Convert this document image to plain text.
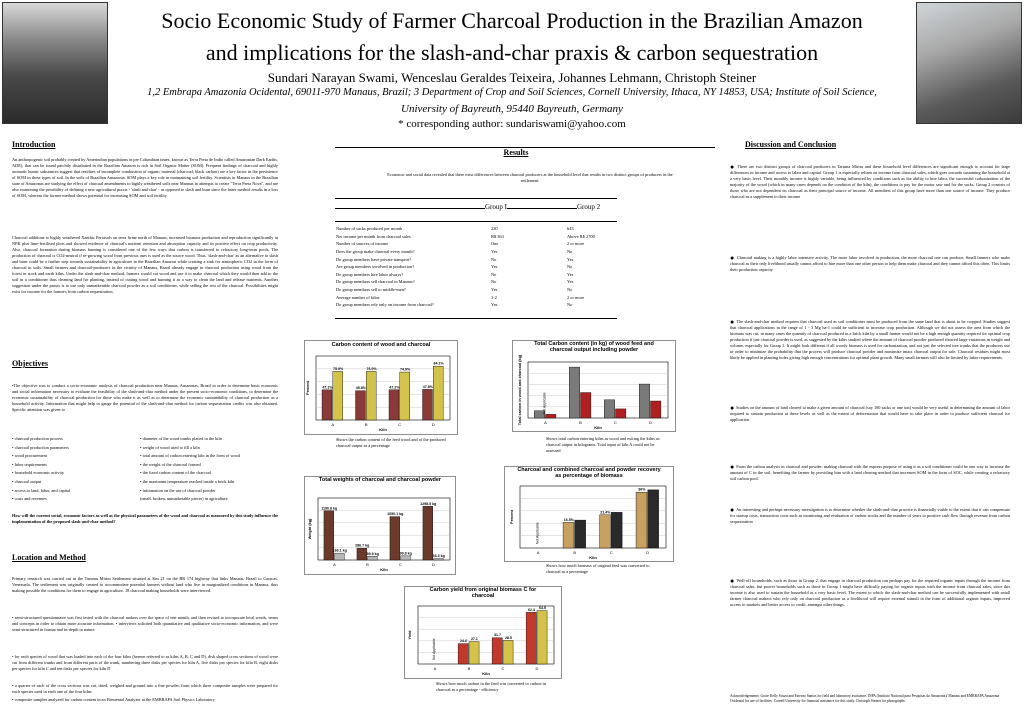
Socio Economic Study of Farmer Charcoal Production in the Brazilian Amazon
and implications for the slash-and-char praxis & carbon sequestration
Sundari Narayan Swami, Wenceslau Geraldes Teixeira, Johannes Lehmann, Christoph Steiner
1,2 Embrapa Amazonia Ocidental, 69011-970 Manaus, Brazil; 3 Department of Crop and Soil Sciences, Cornell University, Ithaca, NY 14853, USA; Institute of Soil Science,
University of Bayreuth, 95440 Bayreuth, Germany
* corresponding author: sundariswami@yahoo.com
Introduction
An anthropogenic soil probably created by Amerindian populations in pre Columbian times, known as Terra Preta de Indio called Amazonian Dark Earths, ADE), that can be found patchily distributed in the Brazilian Amazon is rich in Soil Organic Matter (SOM). Frequent findings of charcoal and highly aromatic humic substances suggest that residues of incomplete combustion of organic material (charcoal; black carbon) are a key factor in the persistence of SOM in these types of soil. In the soils of Brazilian Amazonia, SOM plays a key role in maintaining soil fertility. Scientists in Manaus in the Brazilian state of Amazonas are studying the effect of charcoal amendments to highly weathered soils near Manaus in attempts to create "Terra Preta Nova", and are also examining the possibility of defining a new agricultural praxis - 'slash and char' - as opposed to slash and burn since the latter method results in a loss of SOM, whereas the former method shows potential for increasing SOM and soil fertility.
Charcoal additions to highly weathered Xanthic Ferrasols on terra firme north of Manaus, increased biomass production and reproduction significantly in NPK plus lime-fertilised plots and showed evidence of charcoal's nutrient retention and absorption capacity and its positive effect on crop productivity. Also, charcoal formation during biomass burning is considered one of the few ways that carbon is transferred to refractory long-term pools. The production of charcoal is CO2-neutral if re-growing wood from previous uses is used as the source wood. Thus, 'slash-and-char' as an alternative to slash and burn could be a further step towards sustainability in agriculture in the Brazilian Amazon while creating a sink for atmospheric CO2 in the form of charcoal in soils. Small farmers and charcoal-producers in the vicinity of Manaus, Brazil already engage in charcoal production using wood from the forest in stock and earth kilns. Under the slash-and-char method, farmers would cut wood and use it to make charcoal which they would then add to the soil as a conditioner thus cleaning land for planting, instead of cutting wood and burning it as a way to clean the land and release nutrients. Another suggestion under the praxis is to use only unmarketable charcoal powder as a soil conditioner, while selling the rest of the charcoal. Possibilities might exist for income for the farmers from carbon sequestration.
Objectives
•The objective was to conduct a socio-economic analysis of charcoal production near Manaus, Amazonas, Brazil in order to determine basic economic and social information necessary to evaluate the feasibility of the slash-and-char method under the present socio-economic conditions, to determine the economic sustainability of charcoal production for those who make it as well as to determine the economic sustainability of charcoal production as a household activity. Information that might help to gauge the potential of the slash-and-char method for carbon sequestration credits was also obtained. Specific attention was given to
• charcoal production process
• charcoal production parameters
• wood procurement
• labor requirements
• household economic activity
• charcoal output
• access to land, labor, and capital
• costs and revenues
• diameter of the wood trunks placed in the kiln
• weight of wood used to fill a kiln
• total amount of carbon entering kiln in the form of wood
• the weight of the charcoal formed
• the fixed carbon content of the charcoal
• the maximum temperature reached inside a brick kiln
• information on the use of charcoal powder
(small, broken, unmarketable pieces) in agriculture
How will the current social, economic factors as well as the physical parameters of the wood and charcoal as measured by this study influence the implementation of the proposed slash-and-char method?
Location and Method
Primary research was carried out in the Tarumu Mirim Settlement situated at Km 21 on the BR 174 highway that links Manaus, Brazil to Caracas, Venezuela. The settlement was originally created to accommodate potential farmers without land who live in marginalized conditions in Manaus, thus making possible the conditions for them to engage in agriculture. 18 charcoal making households were interviewed.
• semi-structured questionnaire was first tested with the charcoal makers over the space of one month, and then revised to incorporate local words, terms and concepts in order to obtain more accurate information. • interviews solicited both quantitative and qualitative socio-economic information, and were semi-structured in format and in-depth in nature
• for each species of wood that was loaded into each of the four kilns (hereon referred to as kilns A, B, C and D), disk shaped cross sections of wood were cut from different trunks and from different parts of the trunk, numbering three disks per species for kiln A, five disks per species for kiln B, eight disks per species for kiln C and ten disks per species for kiln D
• a quarter of each of the cross sections was cut, dried, weighed and ground into a fine powder, from which three composite samples were prepared for each species used in each one of the four kilns
• composite samples analyzed for carbon content in an Elemental Analyzer at the EMBRAPA Soil Physics Laboratory
Results
Economic and social data revealed that there exist differences between charcoal producers at the household level that results in two distinct groups of producers in the settlement.
Group I	Group 2
Number of sacks produced per month	230	643
Net income per month from charcoal sales	R$ 363	Above R$ 2700
Number of sources of income	One	2 or more
Does the group make charcoal every month?	Yes	No
Do group members have private transport?	No	Yes
Are group members involved in production?	Yes	No
Do group members hire labor always?	No	Yes
Do group members sell charcoal in Manaus?	No	Yes
Do group members sell to middle-men?	Yes	No
Average number of kilns	1-2	2 or more
Do group members rely only on income from charcoal?	Yes	No
Carbon content of wood and charcoal
47.1%
75.9%
A
45.8%
76.0%
B
47.2%
74.9%
C
47.8%
84.1%
D
Kiln
Percent
Shows the carbon content of the feed wood and of the produced charcoal output as a percentage
Total Carbon content (in kg) of wood feed and charcoal output including powder
A	B	C	D
Not Applicable
Kiln
Total carbon in wood and charcoal (kg)
Shows total carbon entering kilns as wood and exiting the kilns as charcoal output in kilograms. Total input of kiln A could not be assessed
Total weights of charcoal and charcoal powder
1190.8 kg
166.1 kg
A
286.7 kg
89.9 kg
B
1050.1 kg
99.8 kg
C
1298.5 kg
33.3 kg
D
Kiln
Weight (kg)
Charcoal and combined charcoal and powder recovery as percentage of biomass
A
16.5%
B
21.4%
C
36%
D
Not Applicable
Kiln
Percent
Shows how much biomass of original feed was converted to charcoal as a percentage
Carbon yield from original biomass C for charcoal
A
24.6
27.1
B
31.7
28.5
C
62.3 64.5
D
Not Applicable
Kiln
Yield
Shows how much carbon in the feed was converted to carbon in charcoal as a percentage - efficiency
Discussion and Conclusion
● There are two distinct groups of charcoal producers in Taruma Mirim and these household level differences are significant enough to account for large differences in income and access to labor and capital. Group 1 is especially reliant on income from charcoal sales, which goes towards sustaining the household at a very basic level. Their monthly income is highly variable, being influenced by conditions such as the ability to hire labor, the successful carbonization of the majority of the wood (which in many cases depends on the condition of the kiln), the conditions to pay for the motor saw and for the sacks. Group 2 consists of those who are not dependent on charcoal as their principal source of income. All members of this group have more than one source of income. They produce charcoal as a supplement to their income
● Charcoal making is a highly labor intensive activity. The more labor involved in production, the more charcoal one can produce. Small farmers who make charcoal as their only livelihood usually cannot afford to hire more than one other person to help them make charcoal and they cannot afford this often. This limits their production capacity
● The slash-and-char method requires that charcoal used as soil conditioner must be produced from the same land that is about to be cropped. Studies suggest that charcoal applications in the range of 1 - 3 Mg ha-1 could be sufficient to increase crop production. Although we did not assess the area from which the biomass was cut, in many cases the quantity of charcoal produced in a brick kiln by a small farmer would not be a high enough quantity required for optimal crop production if just charcoal powder is used, as suggested by the kilns studied where the amount of charcoal powder produced showed large variations in weight and volume, especially for Group 1. It might look different if all woody biomass is used for carbonization, and not just the selected tree trunks that the producers use in order to minimize the probability that the process will produce charcoal powder and maximize intact charcoal output for sale. Charcoal residues might most likely be applied in planting holes giving high enough concentrations for optimal plant growth. Many small farmers will also be limited by labor requirements.
● Studies on the amount of land cleared to make a given amount of charcoal (say 100 sacks or one ton) would be very useful in determining the amount of labor required to sustain production at these levels as well as the extent of deforestation that would have to take place in order to produce sufficient charcoal for application
● From the carbon analysis in charcoal and powder, making charcoal with the express purpose of using it as a soil conditioner could be one way to increase the amount of C in the soil, benefiting the farmer by providing him with a land clearing method that increases SOM in the form of SOC, while creating a refractory soil carbon pool.
● An interesting and perhaps necessary investigation is to determine whether the slash-and-char practice is financially viable to the extent that it can compensate for startup costs, transaction costs such as monitoring and evaluation of carbon stocks and the number of years to positive cash flow through revenue from carbon sequestration
● Well-off households, such as those in Group 2, that engage in charcoal production can perhaps pay for the required organic inputs through the income from charcoal sales, but poorer households such as those in Group 1 might have difficulty paying for organic inputs with the income from charcoal sales, since this income is also used to sustain the household at a very basic level. The extent to which the slash-and-char method can be successfully implemented with small farmer charcoal makers who rely only on charcoal production as a livelihood will require external stimuli in the form of additional organic inputs, improved access to markets and better access to credit, amongst other things.
Acknowledgements: Grace Kelly Souza and Estevao Santos for field and laboratory assistance. INPA (Instituto Nacional para Pesquisas da Amazonia)/ Manaus and EMBRAPA Amazonia Ocidental for use of facilities. Cornell University for financial assistance for this study. Christoph Steiner for photographs.
